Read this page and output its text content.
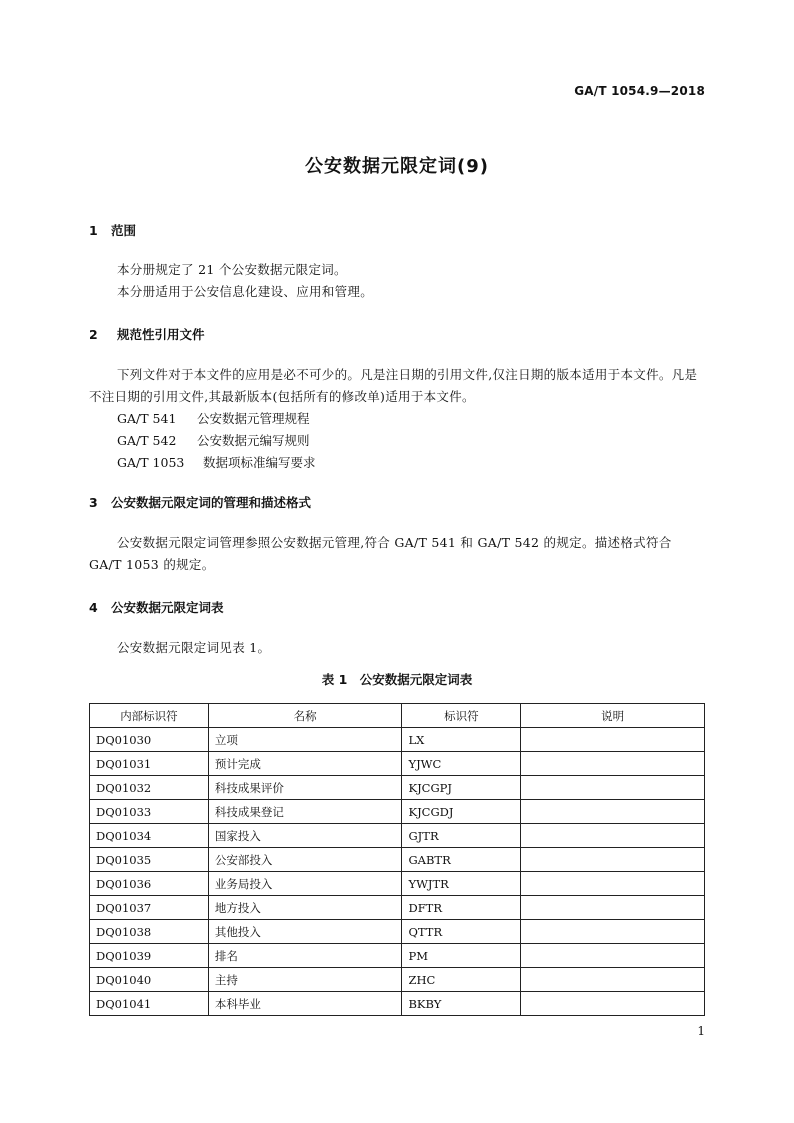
GA/T 1054.9—2018
公安数据元限定词(9)
1 范围
本分册规定了 21 个公安数据元限定词。
本分册适用于公安信息化建设、应用和管理。
2 规范性引用文件
下列文件对于本文件的应用是必不可少的。凡是注日期的引用文件,仅注日期的版本适用于本文件。凡是不注日期的引用文件,其最新版本(包括所有的修改单)适用于本文件。
GA/T 541 公安数据元管理规程
GA/T 542 公安数据元编写规则
GA/T 1053 数据项标准编写要求
3 公安数据元限定词的管理和描述格式
公安数据元限定词管理参照公安数据元管理,符合 GA/T 541 和 GA/T 542 的规定。描述格式符合 GA/T 1053 的规定。
4 公安数据元限定词表
公安数据元限定词见表 1。
表 1　公安数据元限定词表
内部标识符	名称	标识符	说明
DQ01030	立项	LX	
DQ01031	预计完成	YJWC	
DQ01032	科技成果评价	KJCGPJ	
DQ01033	科技成果登记	KJCGDJ	
DQ01034	国家投入	GJTR	
DQ01035	公安部投入	GABTR	
DQ01036	业务局投入	YWJTR	
DQ01037	地方投入	DFTR	
DQ01038	其他投入	QTTR	
DQ01039	排名	PM	
DQ01040	主持	ZHC	
DQ01041	本科毕业	BKBY	
1
